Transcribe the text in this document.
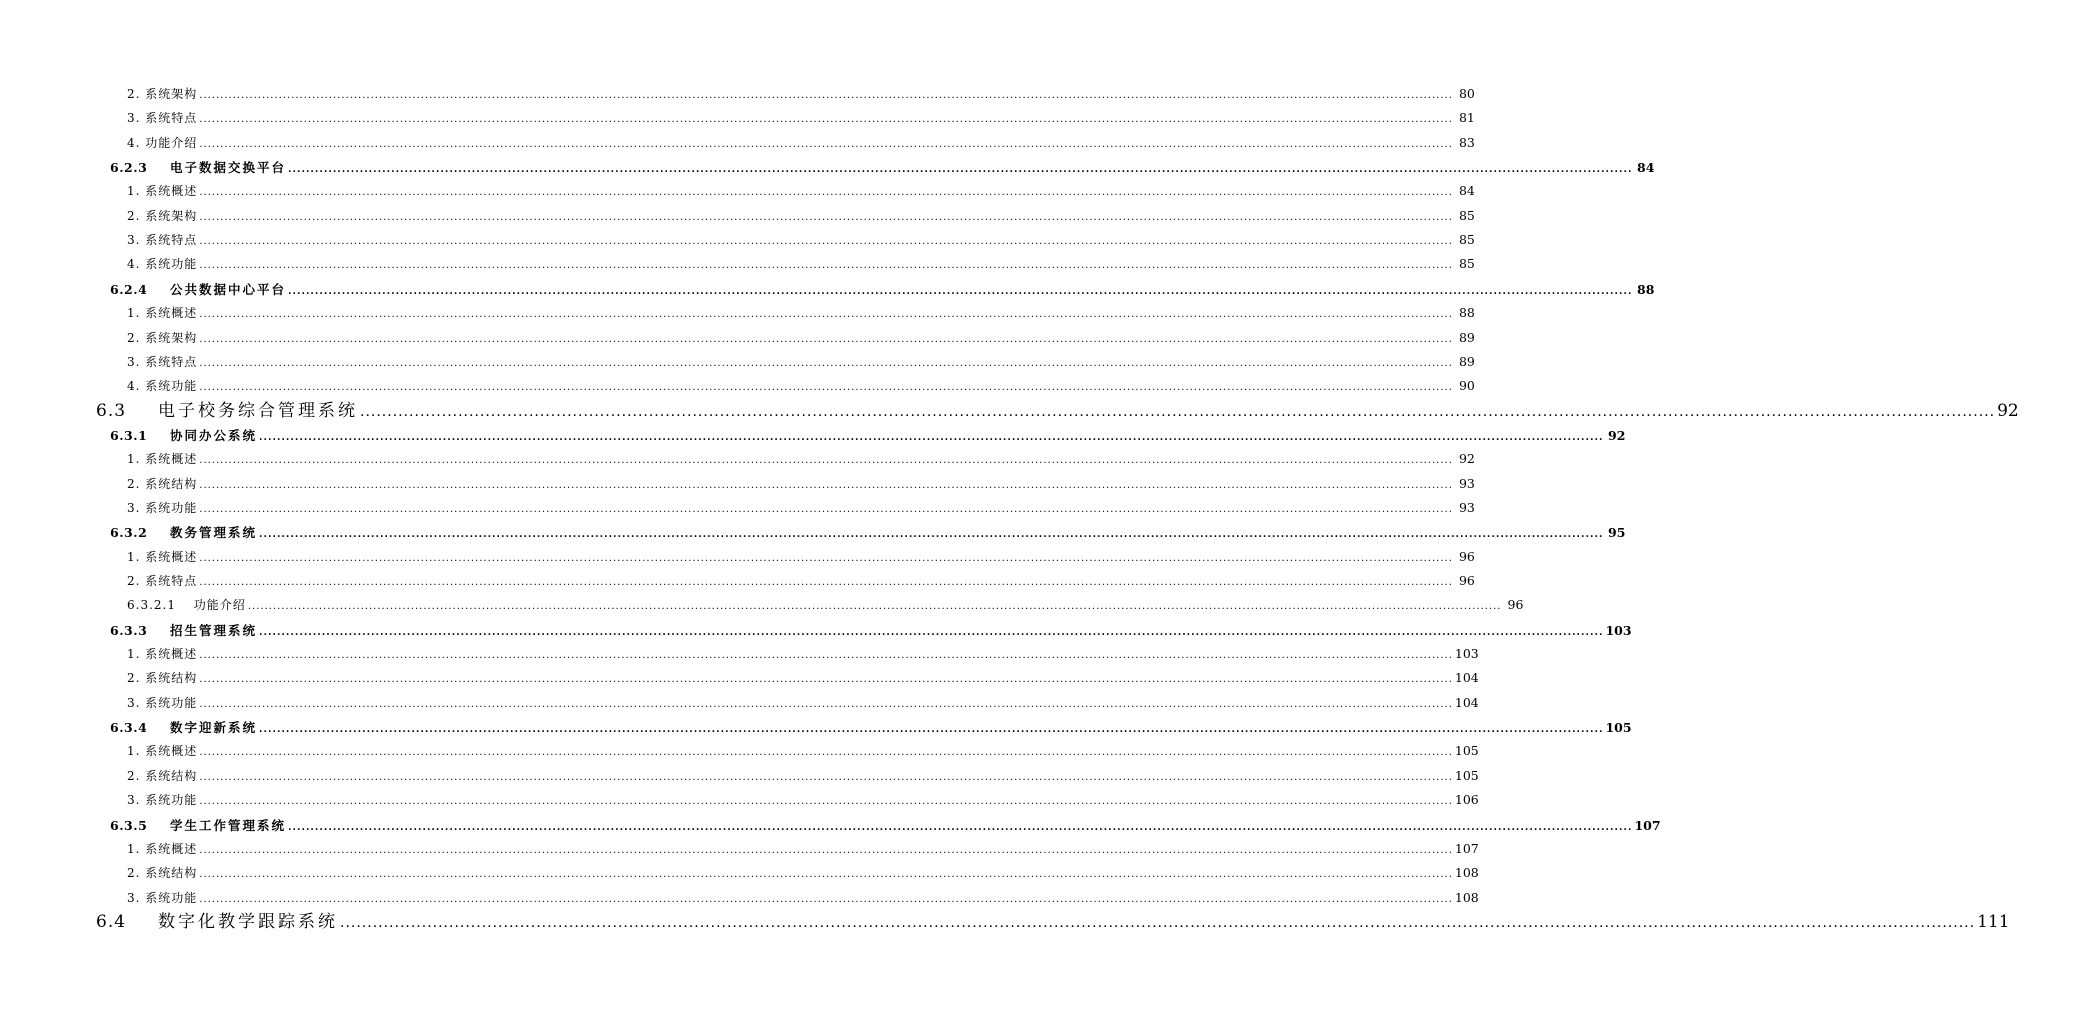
2. 系统架构 ............................................................................................................................................................................................................................................................................................................ 80
3. 系统特点 ............................................................................................................................................................................................................................................................................................................ 81
4. 功能介绍 ............................................................................................................................................................................................................................................................................................................ 83
6.2.3 电子数据交换平台 ............................................................................................................................................................................................................................................................................................................ 84
1. 系统概述 ............................................................................................................................................................................................................................................................................................................ 84
2. 系统架构 ............................................................................................................................................................................................................................................................................................................ 85
3. 系统特点 ............................................................................................................................................................................................................................................................................................................ 85
4. 系统功能 ............................................................................................................................................................................................................................................................................................................ 85
6.2.4 公共数据中心平台 ............................................................................................................................................................................................................................................................................................................ 88
1. 系统概述 ............................................................................................................................................................................................................................................................................................................ 88
2. 系统架构 ............................................................................................................................................................................................................................................................................................................ 89
3. 系统特点 ............................................................................................................................................................................................................................................................................................................ 89
4. 系统功能 ............................................................................................................................................................................................................................................................................................................ 90
6.3 电子校务综合管理系统 ............................................................................................................................................................................................................................................................................................................ 92
6.3.1 协同办公系统 ............................................................................................................................................................................................................................................................................................................ 92
1. 系统概述 ............................................................................................................................................................................................................................................................................................................ 92
2. 系统结构 ............................................................................................................................................................................................................................................................................................................ 93
3. 系统功能 ............................................................................................................................................................................................................................................................................................................ 93
6.3.2 教务管理系统 ............................................................................................................................................................................................................................................................................................................ 95
1. 系统概述 ............................................................................................................................................................................................................................................................................................................ 96
2. 系统特点 ............................................................................................................................................................................................................................................................................................................ 96
6.3.2.1　 功能介绍 ............................................................................................................................................................................................................................................................................................................ 96
6.3.3 招生管理系统 ............................................................................................................................................................................................................................................................................................................ 103
1. 系统概述 ............................................................................................................................................................................................................................................................................................................ 103
2. 系统结构 ............................................................................................................................................................................................................................................................................................................ 104
3. 系统功能 ............................................................................................................................................................................................................................................................................................................ 104
6.3.4 数字迎新系统 ............................................................................................................................................................................................................................................................................................................ 105
1. 系统概述 ............................................................................................................................................................................................................................................................................................................ 105
2. 系统结构 ............................................................................................................................................................................................................................................................................................................ 105
3. 系统功能 ............................................................................................................................................................................................................................................................................................................ 106
6.3.5 学生工作管理系统 ............................................................................................................................................................................................................................................................................................................ 107
1. 系统概述 ............................................................................................................................................................................................................................................................................................................ 107
2. 系统结构 ............................................................................................................................................................................................................................................................................................................ 108
3. 系统功能 ............................................................................................................................................................................................................................................................................................................ 108
6.4 数字化教学跟踪系统 ............................................................................................................................................................................................................................................................................................................ 111
